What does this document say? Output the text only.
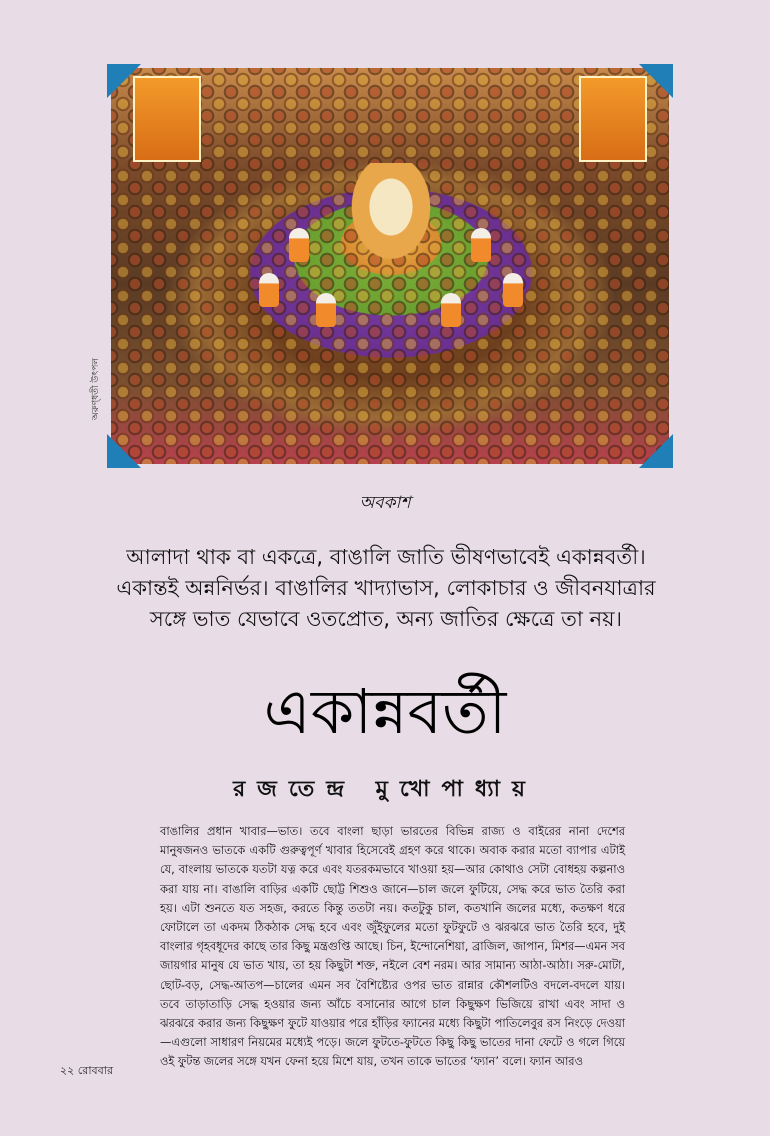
অরুণ্ধতী উৎপল
অবকাশ
আলাদা থাক বা একত্রে, বাঙালি জাতি ভীষণভাবেই একান্নবর্তী। একান্তই অন্ননির্ভর। বাঙালির খাদ্যাভাস, লোকাচার ও জীবনযাত্রার সঙ্গে ভাত যেভাবে ওতপ্রোত, অন্য জাতির ক্ষেত্রে তা নয়।
একান্নবর্তী
রজতেন্দ্র মুখোপাধ্যায়

বাঙালির প্রধান খাবার—ভাত। তবে বাংলা ছাড়া ভারতের বিভিন্ন রাজ্য ও বাইরের নানা দেশের মানুষজনও ভাতকে একটি গুরুত্বপূর্ণ খাবার হিসেবেই গ্রহণ করে থাকে। অবাক করার মতো ব্যাপার এটাই যে, বাংলায় ভাতকে যতটা যত্ন করে এবং যতরকমভাবে খাওয়া হয়—আর কোথাও সেটা বোধহয় কল্পনাও করা যায় না। বাঙালি বাড়ির একটি ছোট্ট শিশুও জানে—চাল জলে ফুটিয়ে, সেদ্ধ করে ভাত তৈরি করা হয়। এটা শুনতে যত সহজ, করতে কিন্তু ততটা নয়। কতটুকু চাল, কতখানি জলের মধ্যে, কতক্ষণ ধরে ফোটালে তা একদম ঠিকঠাক সেদ্ধ হবে এবং জুঁইফুলের মতো ফুটফুটে ও ঝরঝরে ভাত তৈরি হবে, দুই বাংলার গৃহবধূদের কাছে তার কিছু মন্ত্রগুপ্তি আছে। চিন, ইন্দোনেশিয়া, ব্রাজিল, জাপান, মিশর—এমন সব জায়গার মানুষ যে ভাত খায়, তা হয় কিছুটা শক্ত, নইলে বেশ নরম। আর সামান্য আঠা-আঠা। সরু-মোটা, ছোট-বড়, সেদ্ধ-আতপ—চালের এমন সব বৈশিষ্ট্যের ওপর ভাত রান্নার কৌশলটিও বদলে-বদলে যায়। তবে তাড়াতাড়ি সেদ্ধ হওয়ার জন্য আঁচে বসানোর আগে চাল কিছুক্ষণ ভিজিয়ে রাখা এবং সাদা ও ঝরঝরে করার জন্য কিছুক্ষণ ফুটে যাওয়ার পরে হাঁড়ির ফ্যানের মধ্যে কিছুটা পাতিলেবুর রস নিংড়ে দেওয়া—এগুলো সাধারণ নিয়মের মধ্যেই পড়ে। জলে ফুটতে-ফুটতে কিছু কিছু ভাতের দানা ফেটে ও গলে গিয়ে ওই ফুটন্ত জলের সঙ্গে যখন ফেনা হয়ে মিশে যায়, তখন তাকে ভাতের ‘ফ্যান’ বলে। ফ্যান আরও

২২ রোববার
